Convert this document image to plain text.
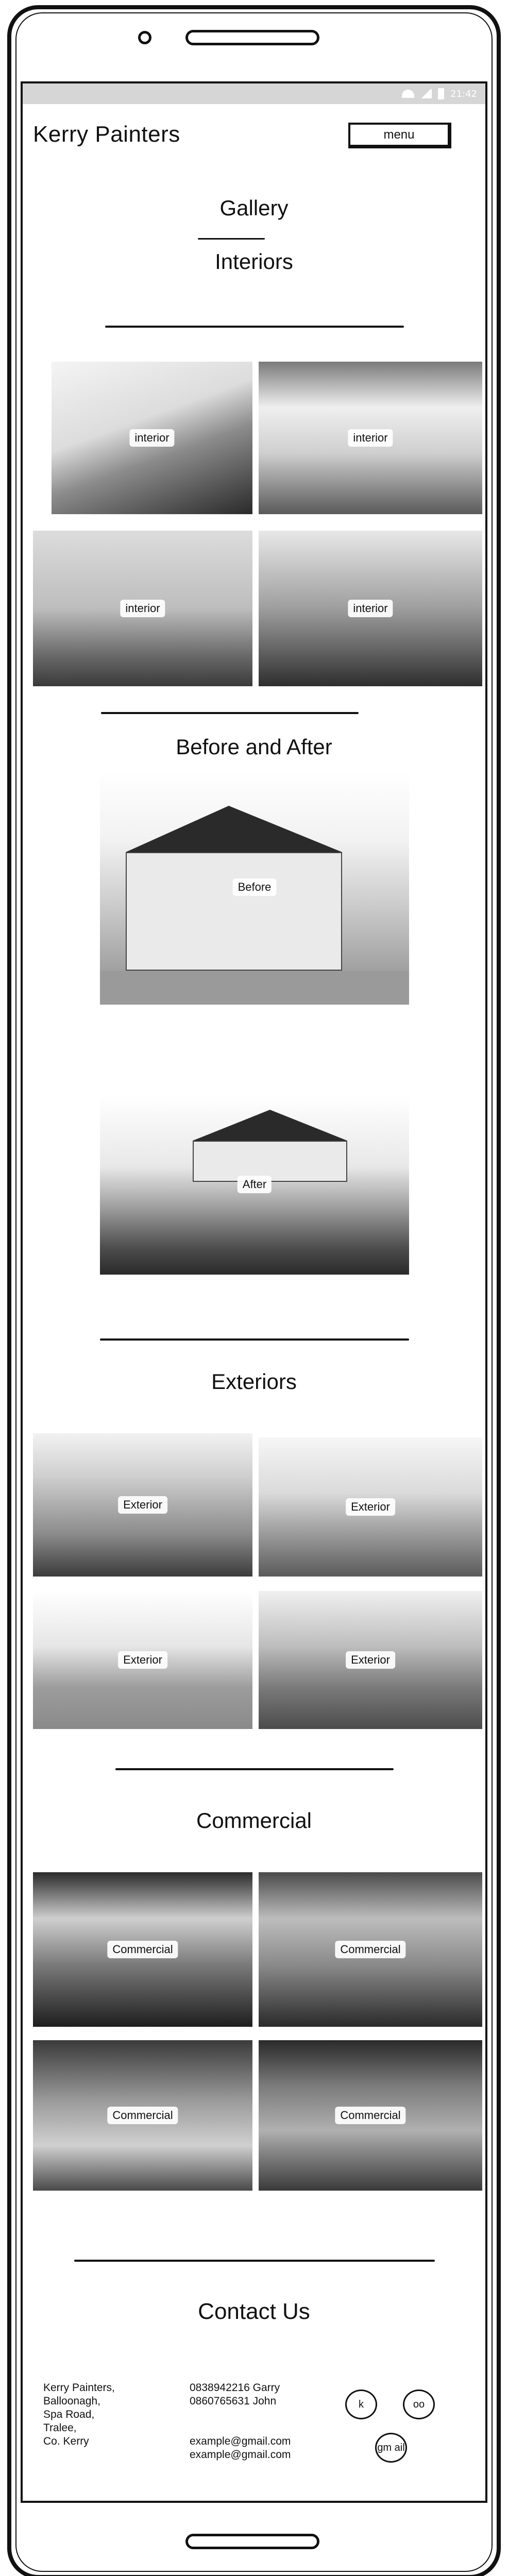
21:42
Kerry Painters	menu
Gallery
Interiors
interior	interior
interior	interior
Before and After
Before
After
Exteriors
Exterior	Exterior
Exterior	Exterior
Commercial
Commercial	Commercial
Commercial	Commercial
Contact Us
Kerry Painters,
Balloonagh,
Spa Road,
Tralee,
Co. Kerry
0838942216 Garry
0860765631 John
example@gmail.com
example@gmail.com
k	oo
gm ail
